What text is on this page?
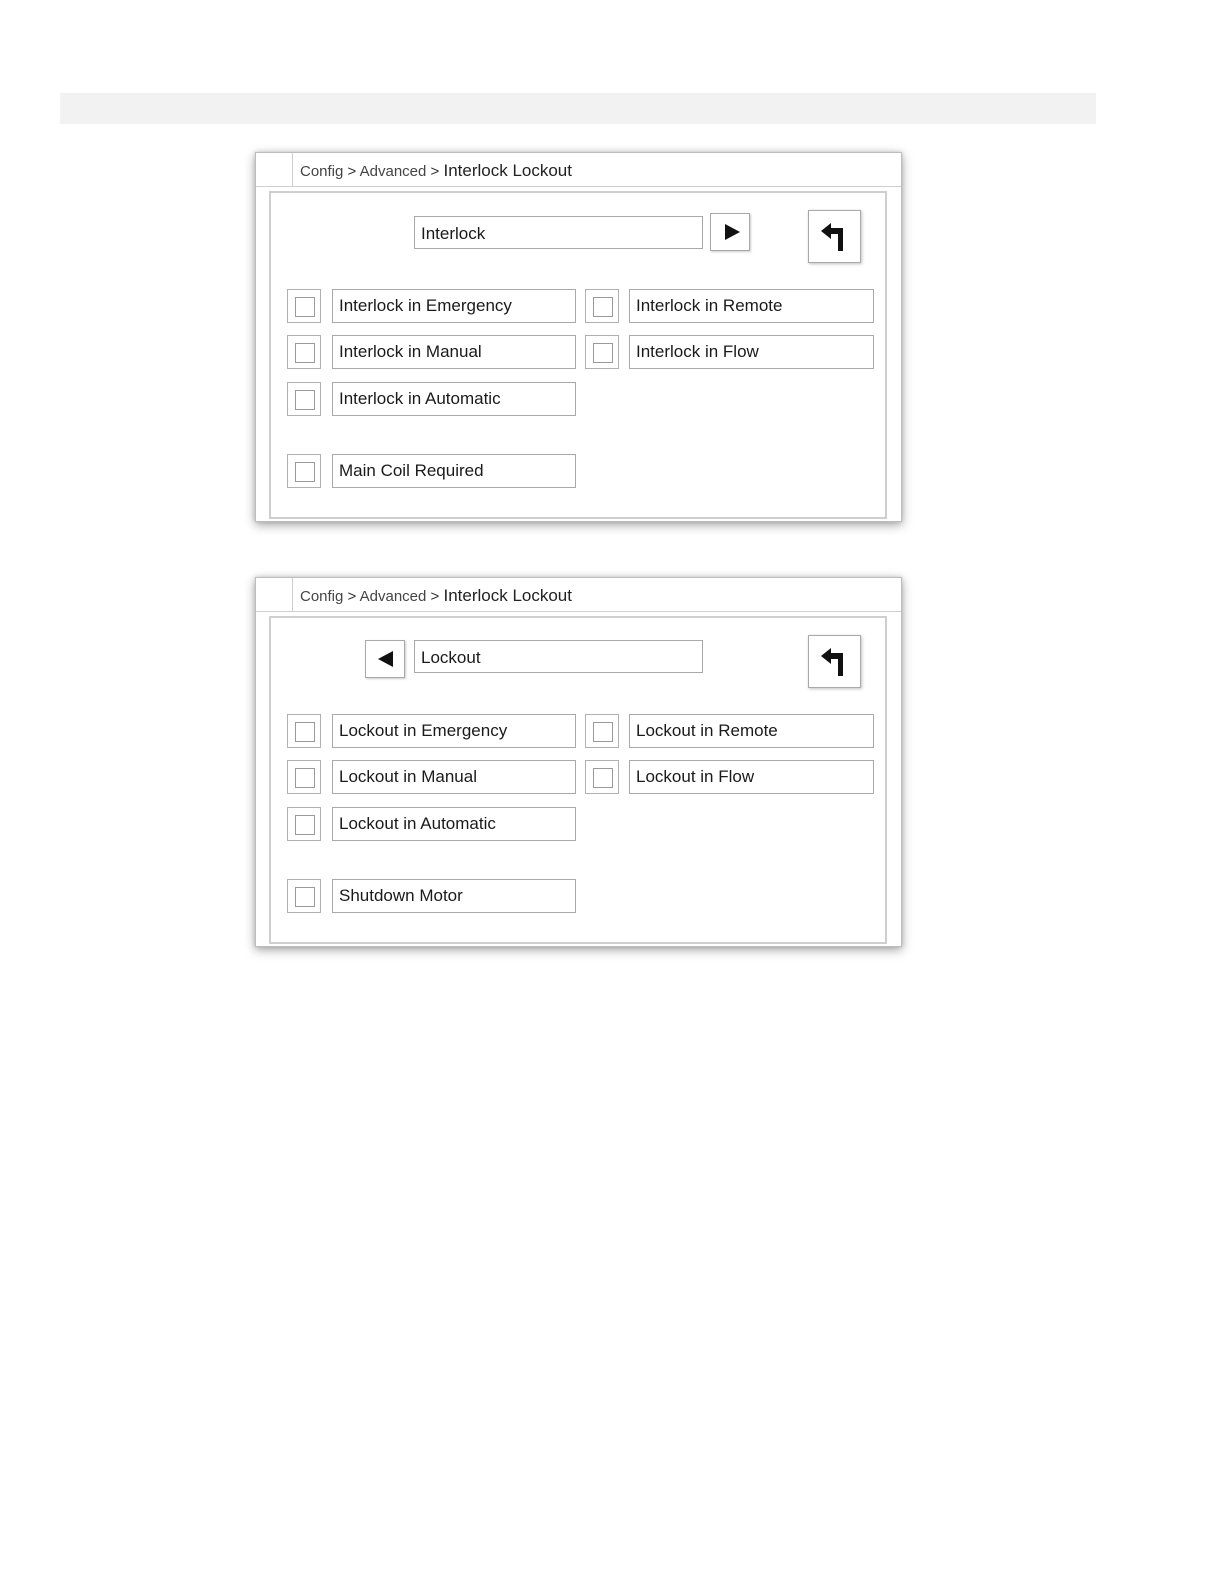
Config > Advanced > Interlock Lockout
Interlock
Interlock in Emergency	Interlock in Remote
Interlock in Manual	Interlock in Flow
Interlock in Automatic
Main Coil Required
Config > Advanced > Interlock Lockout
Lockout
Lockout in Emergency	Lockout in Remote
Lockout in Manual	Lockout in Flow
Lockout in Automatic
Shutdown Motor
